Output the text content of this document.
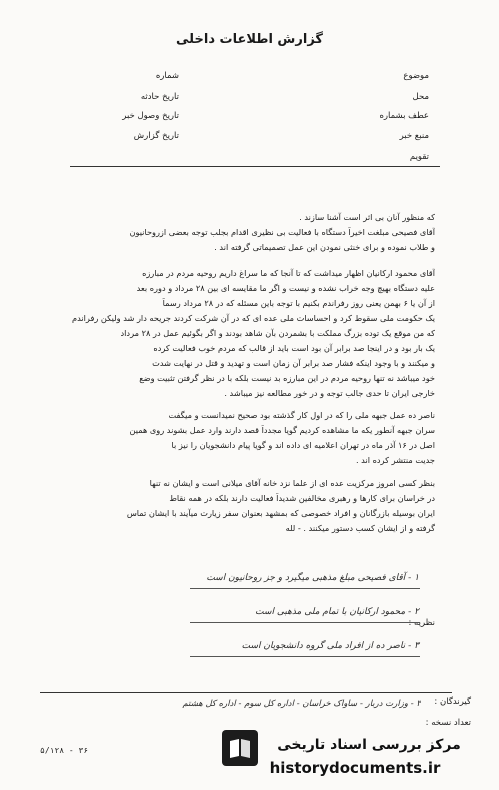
گزارش اطلاعات داخلی
موضوع
محل
عطف بشماره
منبع خبر
تقویم
شماره
تاریخ حادثه
تاریخ وصول خبر
تاریخ گزارش
که منظور آنان بی اثر است آشنا سازند .
آقای فصیحی مبلغت اخیراً دستگاه با فعالیت بی نظیری اقدام بجلب توجه بعضی ازروحانیون
و طلاب نموده و برای خنثی نمودن این عمل تصمیماتی گرفته اند .
آقای محمود ارکانیان اظهار میداشت که تا آنجا که ما سراغ داریم روحیه مردم در مبارزه
علیه دستگاه بهیچ وجه خراب نشده و نیست و اگر ما مقایسه ای بین ۲۸ مرداد و دوره بعد
از آن یا ۶ بهمن یعنی روز رفراندم بکنیم با توجه باین مسئله که در ۲۸ مرداد رسماً
یک حکومت ملی سقوط کرد و احساسات ملی عده ای که در آن شرکت کردند جریحه دار شد ولیکن رفراندم
که من موقع یک توده بزرگ مملکت با بشمردن بآن شاهد بودند و اگر بگوئیم عمل در ۲۸ مرداد
یک بار بود و در اینجا صد برابر آن بود است باید از قالب که مردم خوب فعالیت کرده
و میکنند و با وجود اینکه فشار صد برابر آن زمان است و تهدید و قتل در نهایت شدت
خود میباشد نه تنها روحیه مردم در این مبارزه بد نیست بلکه با در نظر گرفتن تثبیت وضع
خارجی ایران تا حدی جالب توجه و در خور مطالعه نیز میباشد .
ناصر ده عمل جبهه ملی را که در اول کار گذشته بود صحیح نمیدانست و میگفت
سران جبهه آنطور یکه ما مشاهده کردیم گویا مجدداً قصد دارند وارد عمل بشوند روی همین
اصل در ۱۶ آذر ماه در تهران اعلامیه ای داده اند و گویا پیام دانشجویان را نیز با
جدیت منتشر کرده اند .
بنظر کسی امروز مرکزیت عده ای از علما نزد خانه آقای میلانی است و ایشان نه تنها
در خراسان برای کارها و رهبری مخالفین شدیداً فعالیت دارند بلکه در همه نقاط
ایران بوسیله بازرگانان و افراد خصوصی که بمشهد بعنوان سفر زیارت میآیند با ایشان تماس
گرفته و از ایشان کسب دستور میکنند . - لله
نظریه :
۱ - آقای فصیحی مبلغ مذهبی میگیرد و جز روحانیون است
۲ - محمود ارکانیان با تمام ملی مذهبی است
۳ - ناصر ده از افراد ملی گروه دانشجویان است
گیرندگان :
۳ - وزارت دربار - ساواک خراسان - اداره کل سوم - اداره کل هشتم
تعداد نسخه :
۵/۱۲۸ - ۳۶	مرکز بررسی اسناد تاریخی
historydocuments.ir
